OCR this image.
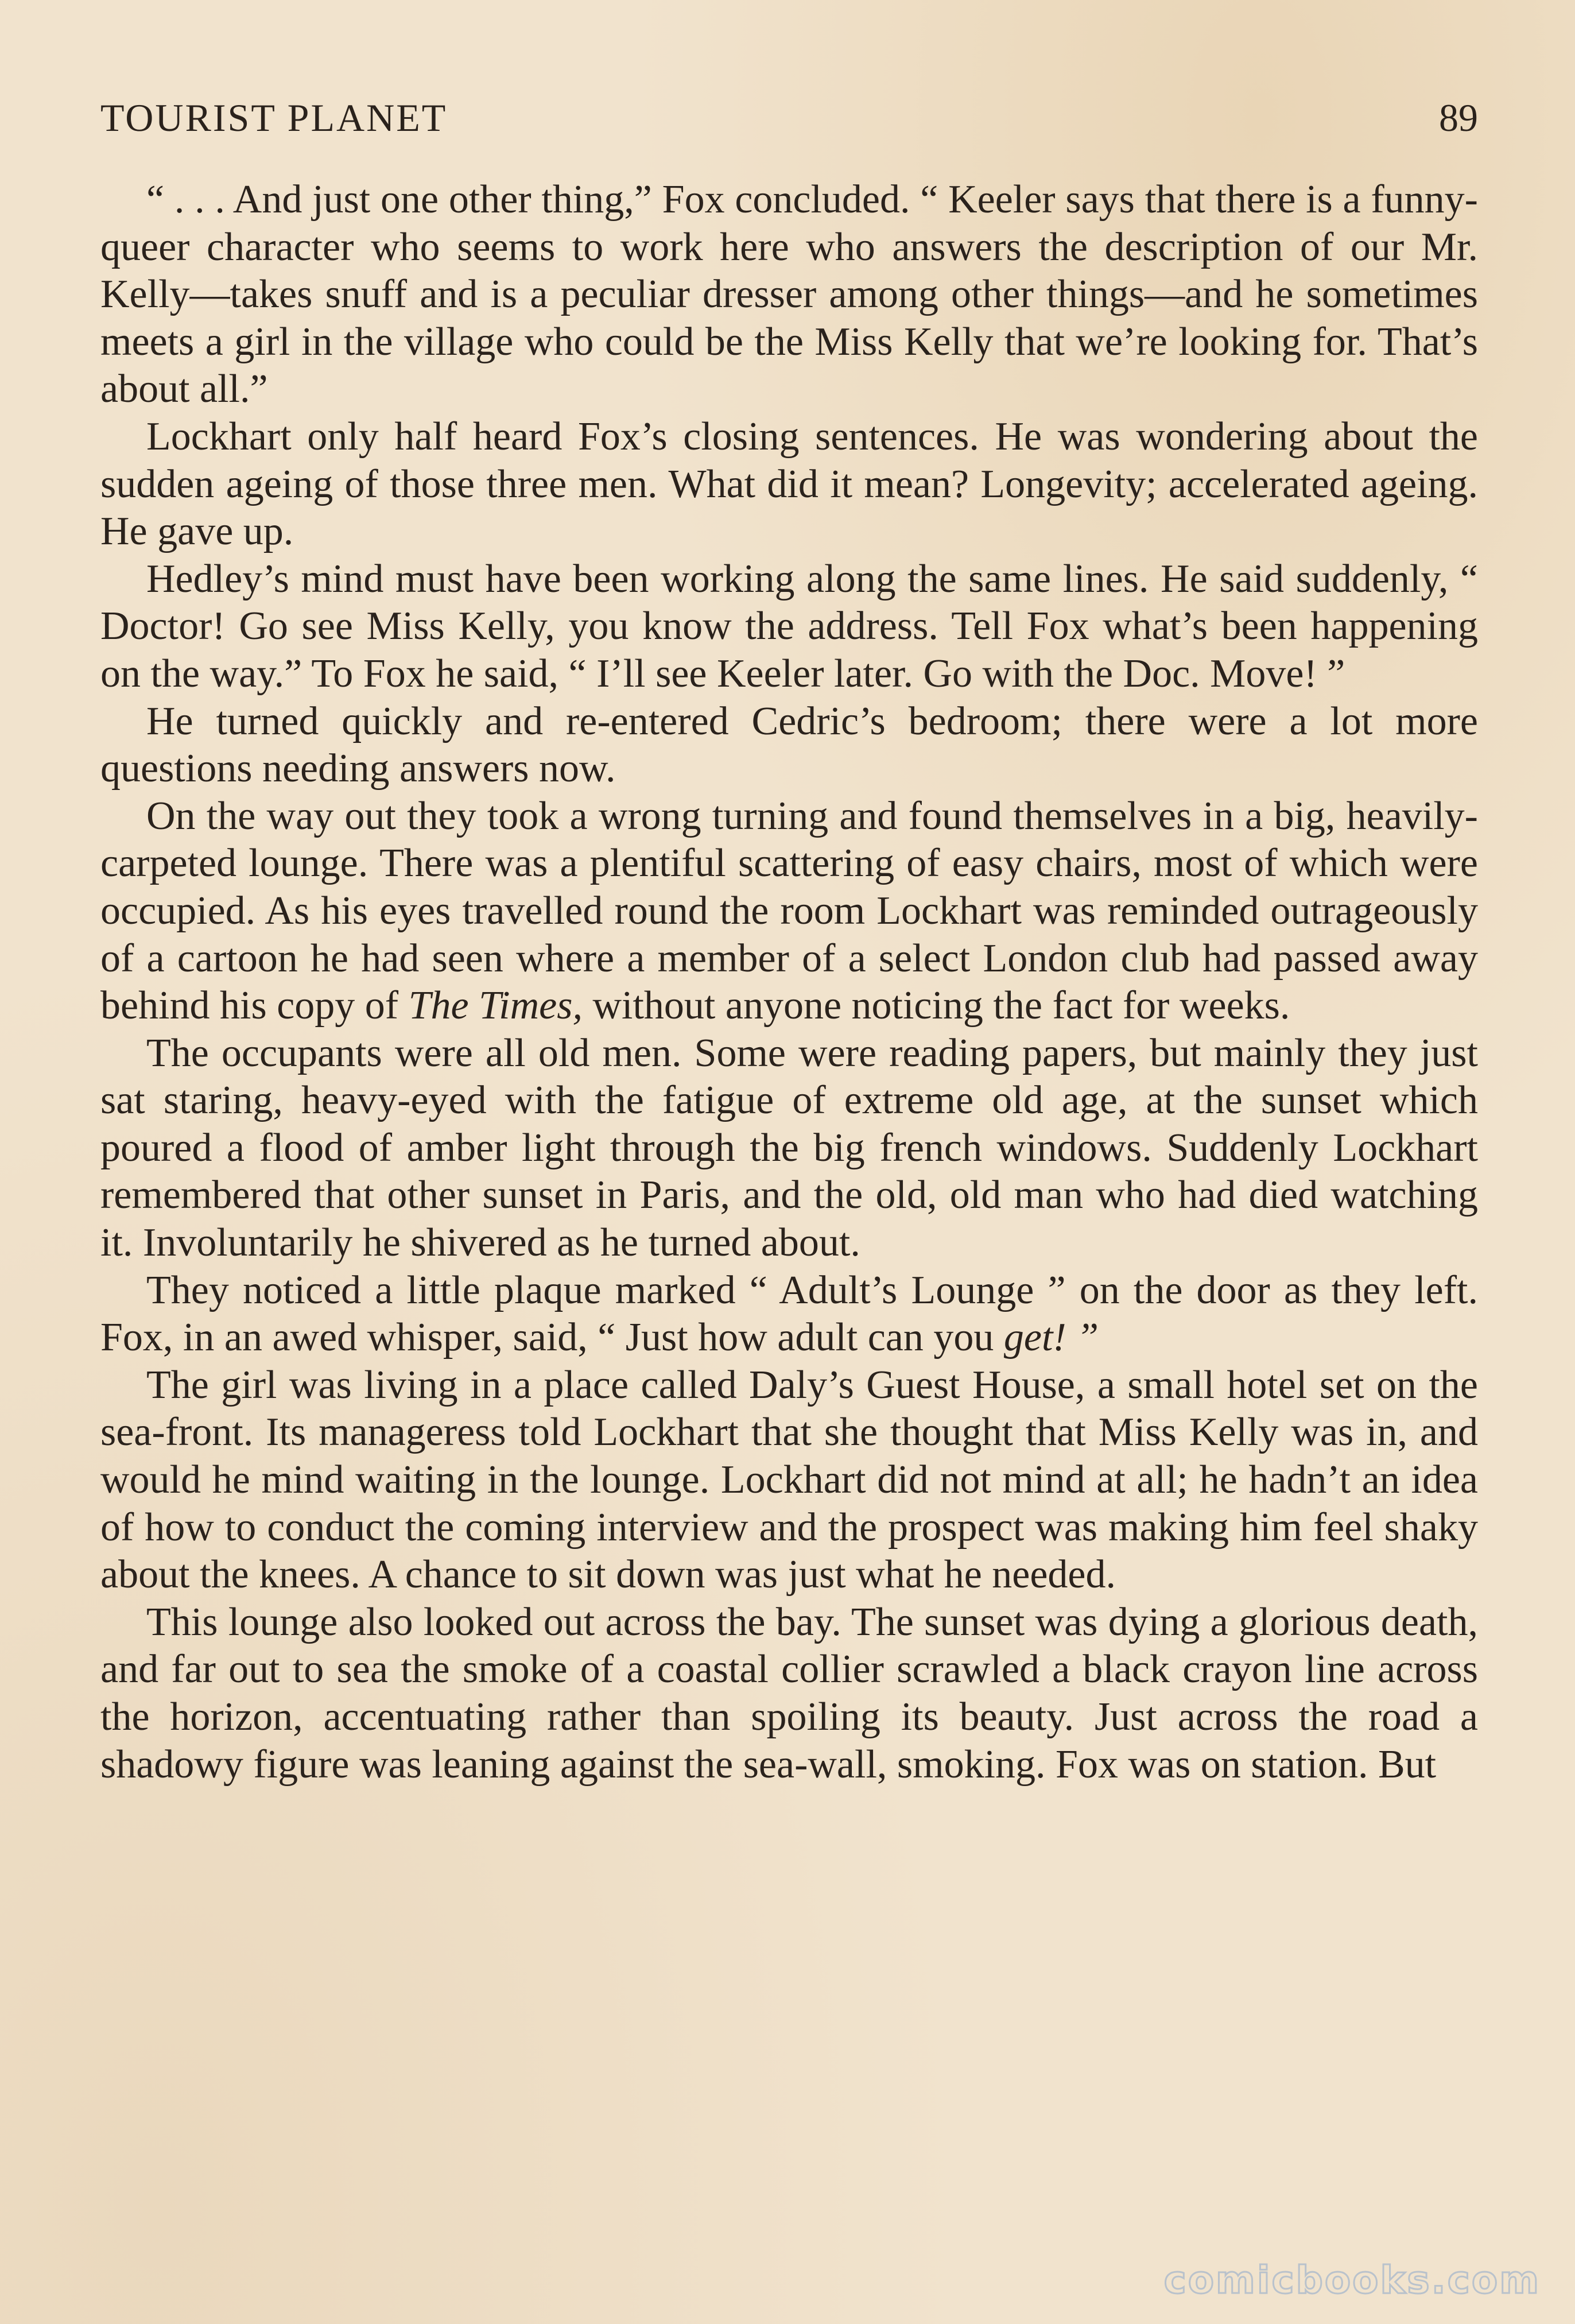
TOURIST PLANET	89

“ . . . And just one other thing,” Fox concluded. “ Keeler says that there is a funny-queer character who seems to work here who answers the description of our Mr. Kelly—takes snuff and is a peculiar dresser among other things—and he sometimes meets a girl in the village who could be the Miss Kelly that we’re looking for. That’s about all.”

Lockhart only half heard Fox’s closing sentences. He was wondering about the sudden ageing of those three men. What did it mean? Longevity; accelerated ageing. He gave up.

Hedley’s mind must have been working along the same lines. He said suddenly, “ Doctor! Go see Miss Kelly, you know the address. Tell Fox what’s been happening on the way.” To Fox he said, “ I’ll see Keeler later. Go with the Doc. Move! ”

He turned quickly and re-entered Cedric’s bedroom; there were a lot more questions needing answers now.

On the way out they took a wrong turning and found themselves in a big, heavily-carpeted lounge. There was a plentiful scattering of easy chairs, most of which were occupied. As his eyes travelled round the room Lockhart was reminded outrageously of a cartoon he had seen where a member of a select London club had passed away behind his copy of The Times, without anyone noticing the fact for weeks.

The occupants were all old men. Some were reading papers, but mainly they just sat staring, heavy-eyed with the fatigue of extreme old age, at the sunset which poured a flood of amber light through the big french windows. Suddenly Lockhart remembered that other sunset in Paris, and the old, old man who had died watching it. Involuntarily he shivered as he turned about.

They noticed a little plaque marked “ Adult’s Lounge ” on the door as they left. Fox, in an awed whisper, said, “ Just how adult can you get! ”

The girl was living in a place called Daly’s Guest House, a small hotel set on the sea-front. Its manageress told Lockhart that she thought that Miss Kelly was in, and would he mind waiting in the lounge. Lockhart did not mind at all; he hadn’t an idea of how to conduct the coming interview and the prospect was making him feel shaky about the knees. A chance to sit down was just what he needed.

This lounge also looked out across the bay. The sunset was dying a glorious death, and far out to sea the smoke of a coastal collier scrawled a black crayon line across the horizon, accentuating rather than spoiling its beauty. Just across the road a shadowy figure was leaning against the sea-wall, smoking. Fox was on station. But

comicbooks.com
